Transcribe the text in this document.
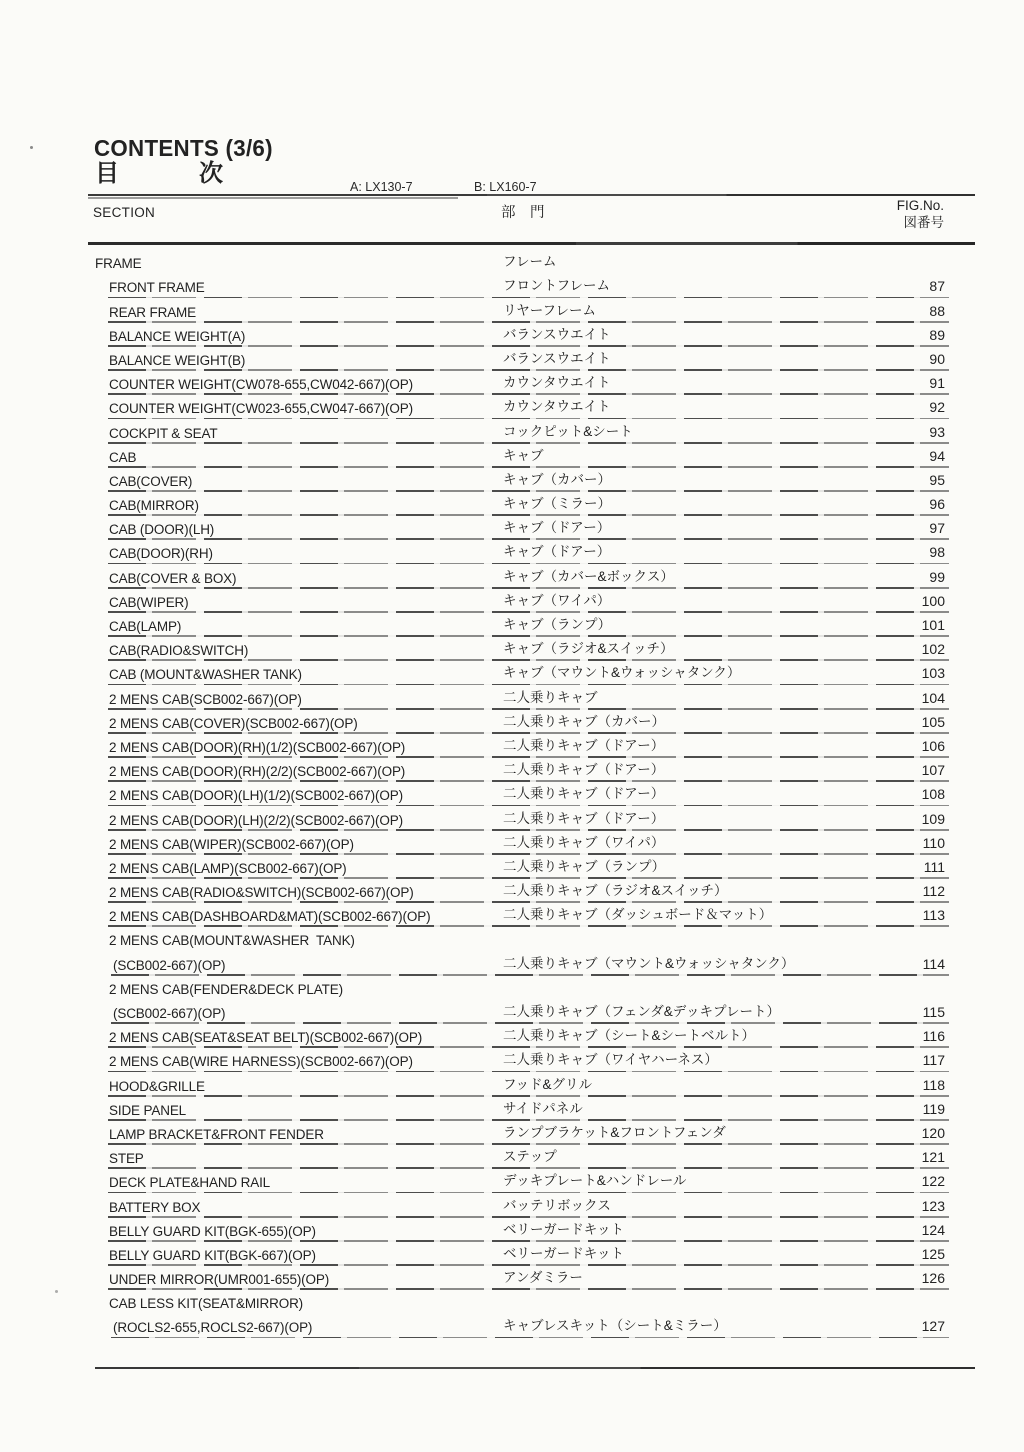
CONTENTS (3/6)
目	次	A: LX130-7	B: LX160-7
SECTION	部　門	FIG.No.
図番号
FRAME	フレーム
FRONT FRAME	フロントフレーム	87
REAR FRAME	リヤーフレーム	88
BALANCE WEIGHT(A)	バランスウエイト	89
BALANCE WEIGHT(B)	バランスウエイト	90
COUNTER WEIGHT(CW078-655,CW042-667)(OP)	カウンタウエイト	91
COUNTER WEIGHT(CW023-655,CW047-667)(OP)	カウンタウエイト	92
COCKPIT & SEAT	コックピット&シート	93
CAB	キャブ	94
CAB(COVER)	キャブ（カバー）	95
CAB(MIRROR)	キャブ（ミラー）	96
CAB (DOOR)(LH)	キャブ（ドアー）	97
CAB(DOOR)(RH)	キャブ（ドアー）	98
CAB(COVER & BOX)	キャブ（カバー&ボックス）	99
CAB(WIPER)	キャブ（ワイパ）	100
CAB(LAMP)	キャブ（ランプ）	101
CAB(RADIO&SWITCH)	キャブ（ラジオ&スイッチ）	102
CAB (MOUNT&WASHER TANK)	キャブ（マウント&ウォッシャタンク）	103
2 MENS CAB(SCB002-667)(OP)	二人乗りキャブ	104
2 MENS CAB(COVER)(SCB002-667)(OP)	二人乗りキャブ（カバー）	105
2 MENS CAB(DOOR)(RH)(1/2)(SCB002-667)(OP)	二人乗りキャブ（ドアー）	106
2 MENS CAB(DOOR)(RH)(2/2)(SCB002-667)(OP)	二人乗りキャブ（ドアー）	107
2 MENS CAB(DOOR)(LH)(1/2)(SCB002-667)(OP)	二人乗りキャブ（ドアー）	108
2 MENS CAB(DOOR)(LH)(2/2)(SCB002-667)(OP)	二人乗りキャブ（ドアー）	109
2 MENS CAB(WIPER)(SCB002-667)(OP)	二人乗りキャブ（ワイパ）	110
2 MENS CAB(LAMP)(SCB002-667)(OP)	二人乗りキャブ（ランプ）	111
2 MENS CAB(RADIO&SWITCH)(SCB002-667)(OP)	二人乗りキャブ（ラジオ&スイッチ）	112
2 MENS CAB(DASHBOARD&MAT)(SCB002-667)(OP)	二人乗りキャブ（ダッシュボード＆マット）	113
2 MENS CAB(MOUNT&WASHER  TANK)
(SCB002-667)(OP)	二人乗りキャブ（マウント&ウォッシャタンク）	114
2 MENS CAB(FENDER&DECK PLATE)
(SCB002-667)(OP)	二人乗りキャブ（フェンダ&デッキプレート）	115
2 MENS CAB(SEAT&SEAT BELT)(SCB002-667)(OP)	二人乗りキャブ（シート&シートベルト）	116
2 MENS CAB(WIRE HARNESS)(SCB002-667)(OP)	二人乗りキャブ（ワイヤハーネス）	117
HOOD&GRILLE	フッド&グリル	118
SIDE PANEL	サイドパネル	119
LAMP BRACKET&FRONT FENDER	ランプブラケット&フロントフェンダ	120
STEP	ステップ	121
DECK PLATE&HAND RAIL	デッキプレート&ハンドレール	122
BATTERY BOX	バッテリボックス	123
BELLY GUARD KIT(BGK-655)(OP)	ベリーガードキット	124
BELLY GUARD KIT(BGK-667)(OP)	ベリーガードキット	125
UNDER MIRROR(UMR001-655)(OP)	アンダミラー	126
CAB LESS KIT(SEAT&MIRROR)
(ROCLS2-655,ROCLS2-667)(OP)	キャブレスキット（シート&ミラー）	127
